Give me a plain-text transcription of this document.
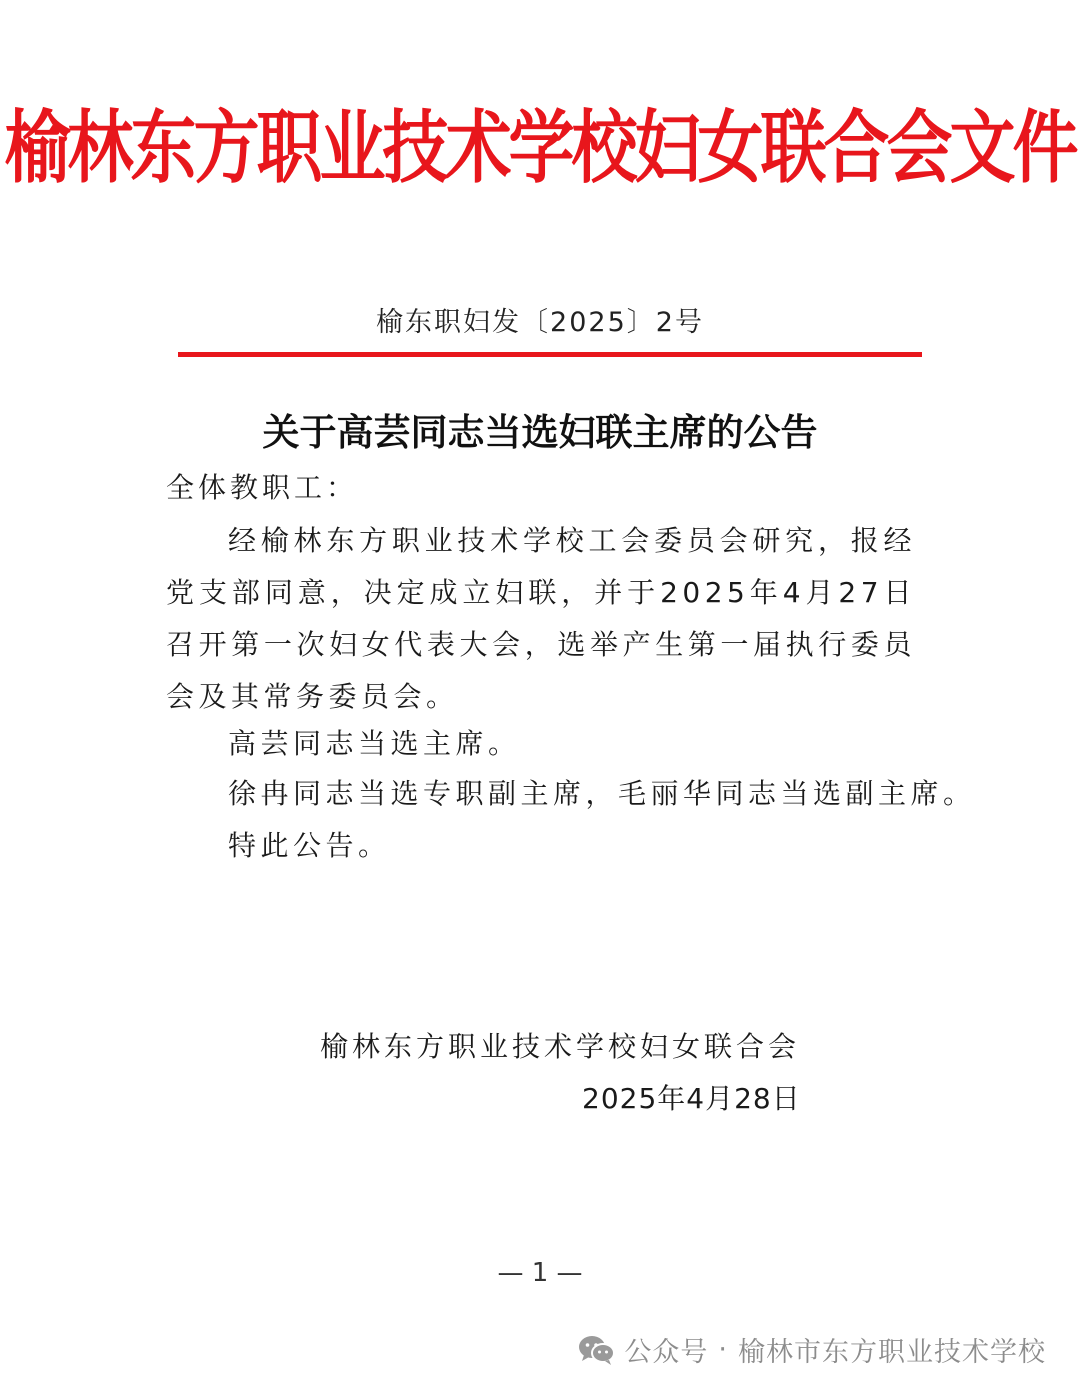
榆林东方职业技术学校妇女联合会文件
榆东职妇发〔2025〕2号
关于高芸同志当选妇联主席的公告
全体教职工：
经榆林东方职业技术学校工会委员会研究，报经党支部同意，决定成立妇联，并于2025年4月27日召开第一次妇女代表大会，选举产生第一届执行委员会及其常务委员会。
高芸同志当选主席。
徐冉同志当选专职副主席，毛丽华同志当选副主席。
特此公告。
榆林东方职业技术学校妇女联合会
2025年4月28日
— 1 —
公众号 · 榆林市东方职业技术学校
